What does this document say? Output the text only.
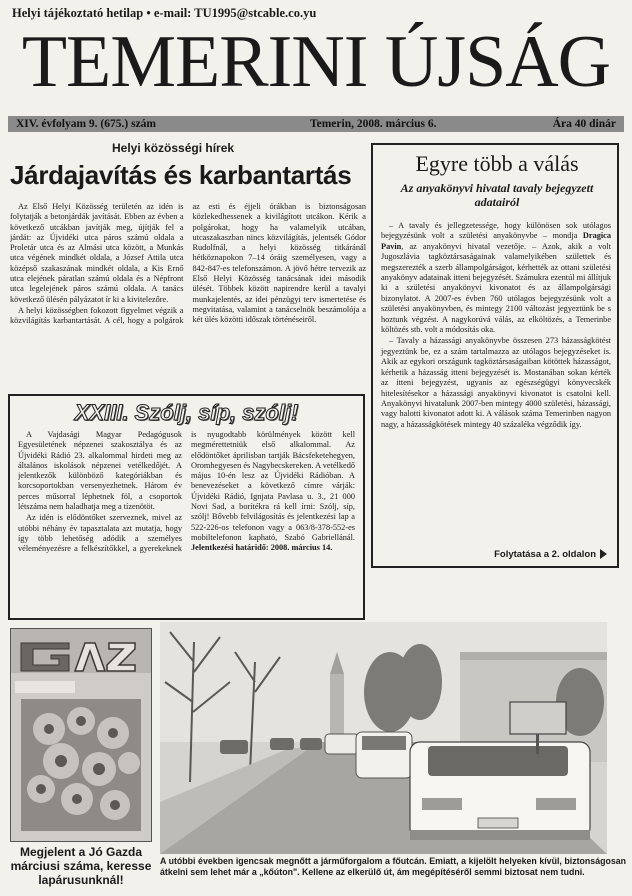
Helyi tájékoztató hetilap • e-mail: TU1995@stcable.co.yu
TEMERINI ÚJSÁG
XIV. évfolyam 9. (675.) szám	Temerin, 2008. március 6.	Ára 40 dinár
Helyi közösségi hírek
Járdajavítás és karbantartás

Az Első Helyi Közösség területén az idén is folytatják a betonjárdák javítását. Ebben az évben a következő utcákban javítják meg, újítják fel a járdát: az Újvidéki utca páros számú oldala a Proletár utca és az Almási utca között, a Munkás utca végének mindkét oldala, a József Attila utca középső szakaszának mindkét oldala, a Kis Ernő utca elejének páratlan számú oldala és a Népfront utca legelejének páros számú oldala. A tanács következő ülésén pályázatot ír ki a kivitelezőre.

A helyi közösségben fokozott figyelmet végzik a közvilágítás karbantartását. A cél, hogy a polgárok az esti és éjjeli órákban is biztonságosan közlekedhessenek a kivilágított utcákon. Kérik a polgárokat, hogy ha valamelyik utcában, utcaszakaszban nincs közvilágítás, jelentsék Gódor Rudolfnál, a helyi közösség titkáránál hétköznapokon 7–14 óráig személyesen, vagy a 842-847-es telefonszámon. A jövő hétre tervezik az Első Helyi Közösség tanácsának idei második ülését. Többek között napirendre kerül a tavalyi munkajelentés, az idei pénzügyi terv ismertetése és megvitatása, valamint a tanácselnök beszámolója a két ülés közötti időszak történéseiről.

Egyre több a válás
Az anyakönyvi hivatal tavaly bejegyzett adatairól

– A tavaly és jellegzetessége, hogy különösen sok utólagos bejegyzésünk volt a születési anyakönyvbe – mondja Dragica Pavin, az anyakönyvi hivatal vezetője. – Azok, akik a volt Jugoszlávia tagköztársaságainak valamelyikében születtek és megszerezték a szerb állampolgárságot, kérhették az ottani születési anyakönyv adatainak itteni bejegyzését. Számukra ezentúl mi állítjuk ki a születési anyakönyvi kivonatot és az állampolgársági bizonylatot. A 2007-es évben 760 utólagos bejegyzésünk volt a születési anyakönyvben, és mintegy 2100 változást jegyeztünk be s hoztunk végzést. A nagykorúvá válás, az elköltözés, a Temerinbe költözés stb. volt a módosítás oka.

– Tavaly a házassági anyakönyvbe összesen 273 házasságkötést jegyeztünk be, ez a szám tartalmazza az utólagos bejegyzéseket is. Akik az egykori országunk tagköztársaságaiban kötöttek házasságot, kérhetik a házasság itteni bejegyzését is. Mostanában sokan kérték az itteni bejegyzést, ugyanis az egészségügyi könyvecskék hitelesítésekor a házassági anyakönyvi kivonatot is csatolni kell. Anyakönyvi hivatalunk 2007-ben mintegy 4000 születési, házassági, vagy halotti kivonatot adott ki. A válások száma Temerinben nagyon nagy, a házasságkötések mintegy 40 százaléka végződik így.

Folytatása a 2. oldalon
XXIII. Szólj, síp, szólj!

A Vajdasági Magyar Pedagógusok Egyesületének népzenei szakosztálya és az Újvidéki Rádió 23. alkalommal hirdeti meg az általános iskolások népzenei vetélkedőjét. A jelentkezők különböző kategóriákban és korcsoportokban versenyezhetnek. Három év perces műsorral léphetnek föl, a csoportok létszáma nem haladhatja meg a tízenötöt.

Az idén is elődöntőket szerveznek, mivel az utóbbi néhány év tapasztalata azt mutatja, hogy így több lehetőség adódik a személyes véleményezésre a felkészítőkkel, a gyerekeknek is nyugodtabb körülmények között kell megmérettetniük első alkalommal. Az elődöntőket áprilisban tartják Bácsfeketehegyen, Oromhegyesen és Nagybecskereken. A vetélkedő május 10-én lesz az Újvidéki Rádióban. A benevezéseket a következő címre várják: Újvidéki Rádió, Ignjata Pavlasa u. 3., 21 000 Novi Sad, a borítékra rá kell írni: Szólj, síp, szólj! Bővebb felvilágosítás és jelentkezési lap a 522-226-os telefonon vagy a 063/8-378-552-es mobiltelefonon kapható, Szabó Gabriellánál. Jelentkezési határidő: 2008. március 14.

Megjelent a Jó Gazda márciusi száma, keresse lapárusunknál!
A utóbbi években igencsak megnőtt a járműforgalom a főutcán. Emiatt, a kijelölt helyeken kívül, biztonságosan átkelni sem lehet már a „kőúton". Kellene az elkerülő út, ám megépítéséről semmi biztosat nem tudni.
